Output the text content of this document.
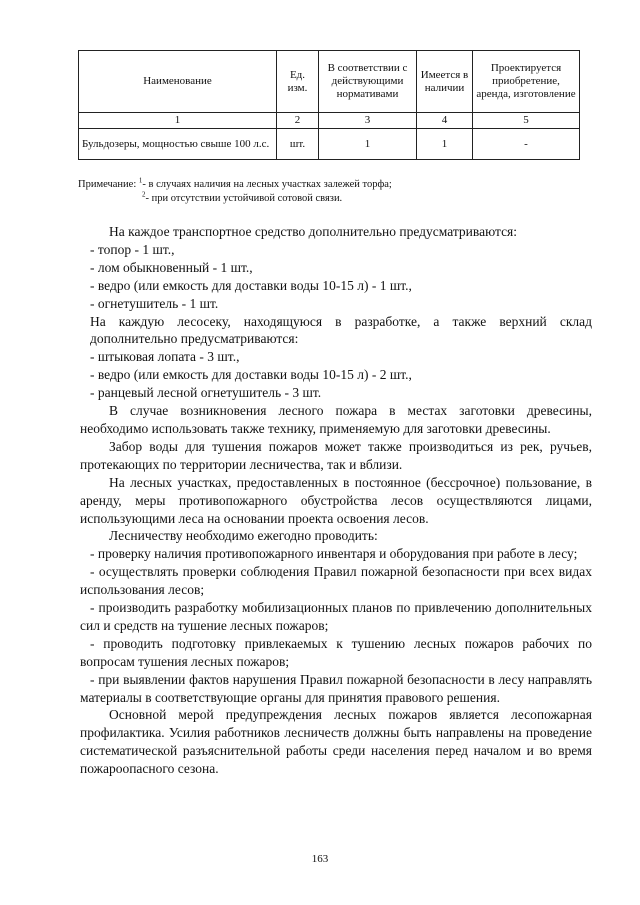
Наименование	Ед. изм.	В соответствии с действующими нормативами	Имеется в наличии	Проектируется приобретение, аренда, изготовление
1	2	3	4	5
Бульдозеры, мощностью свыше 100 л.с.	шт.	1	1	-
Примечание: $^1$- в случаях наличия на лесных участках залежей торфа;
$^2$- при отсутствии устойчивой сотовой связи.

На каждое транспортное средство дополнительно предусматриваются:

- топор - 1 шт.,

- лом обыкновенный - 1 шт.,

- ведро (или емкость для доставки воды 10-15 л) - 1 шт.,

- огнетушитель - 1 шт.

На каждую лесосеку, находящуюся в разработке, а также верхний склад дополнительно предусматриваются:

- штыковая лопата - 3 шт.,

- ведро (или емкость для доставки воды 10-15 л) - 2 шт.,

- ранцевый лесной огнетушитель - 3 шт.

В случае возникновения лесного пожара в местах заготовки древесины, необходимо использовать также технику, применяемую для заготовки древесины.

Забор воды для тушения пожаров может также производиться из рек, ручьев, протекающих по территории лесничества, так и вблизи.

На лесных участках, предоставленных в постоянное (бессрочное) пользование, в аренду, меры противопожарного обустройства лесов осуществляются лицами, использующими леса на основании проекта освоения лесов.

Лесничеству необходимо ежегодно проводить:

- проверку наличия противопожарного инвентаря и оборудования при работе в лесу;

- осуществлять проверки соблюдения Правил пожарной безопасности при всех видах использования лесов;

- производить разработку мобилизационных планов по привлечению дополнительных сил и средств на тушение лесных пожаров;

- проводить подготовку привлекаемых к тушению лесных пожаров рабочих по вопросам тушения лесных пожаров;

- при выявлении фактов нарушения Правил пожарной безопасности в лесу направлять материалы в соответствующие органы для принятия правового решения.

Основной мерой предупреждения лесных пожаров является лесопожарная профилактика. Усилия работников лесничеств должны быть направлены на проведение систематической разъяснительной работы среди населения перед началом и во время пожароопасного сезона.

163
